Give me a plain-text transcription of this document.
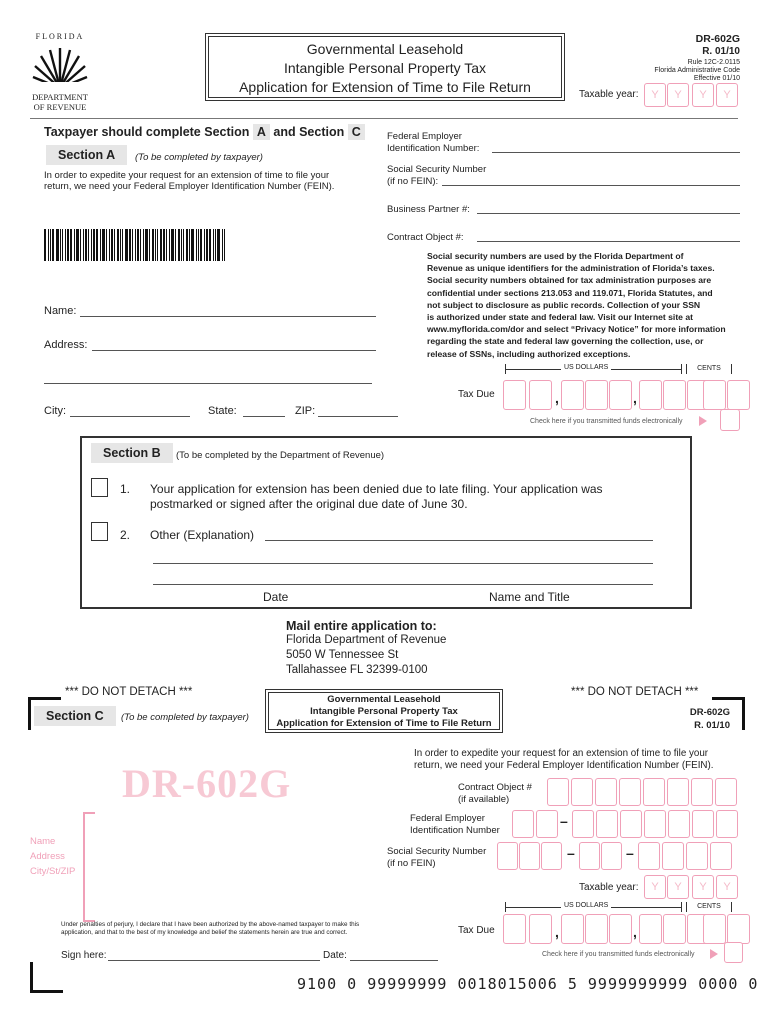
FLORIDA
DEPARTMENT
OF REVENUE
Governmental Leasehold
Intangible Personal Property Tax
Application for Extension of Time to File Return
DR-602G
R. 01/10
Rule 12C-2.0115
Florida Administrative Code
Effective 01/10
Taxable year:	Y	Y	Y	Y
Taxpayer should complete Section A and Section C
Section A	(To be completed by taxpayer)
In order to expedite your request for an extension of time to file your
return, we need your Federal Employer Identification Number (FEIN).
Name:
Address:
City:	State:	ZIP:
Federal Employer
Identification Number:
Social Security Number
(if no FEIN):
Business Partner #:
Contract Object #:
Social security numbers are used by the Florida Department of
Revenue as unique identifiers for the administration of Florida’s taxes.
Social security numbers obtained for tax administration purposes are
confidential under sections 213.053 and 119.071, Florida Statutes, and
not subject to disclosure as public records. Collection of your SSN
is authorized under state and federal law. Visit our Internet site at
www.myflorida.com/dor and select “Privacy Notice” for more information
regarding the state and federal law governing the collection, use, or
release of SSNs, including authorized exceptions.
US DOLLARS	CENTS
Tax Due	,	,
Check here if you transmitted funds electronically
Section B	(To be completed by the Department of Revenue)
1. Your application for extension has been denied due to late filing. Your application was
postmarked or signed after the original due date of June 30.
2. Other (Explanation)
Date	Name and Title
Mail entire application to:
Florida Department of Revenue
5050 W Tennessee St
Tallahassee FL 32399-0100
*** DO NOT DETACH ***	*** DO NOT DETACH ***
Section C	(To be completed by taxpayer)
Governmental Leasehold
Intangible Personal Property Tax
Application for Extension of Time to File Return
DR-602G
R. 01/10
In order to expedite your request for an extension of time to file your
return, we need your Federal Employer Identification Number (FEIN).
DR-602G
Name
Address
City/St/ZIP
Contract Object #
(if available)
Federal Employer
Identification Number
–
Social Security Number
(if no FEIN)
–	–
Taxable year:	Y	Y	Y	Y
US DOLLARS	CENTS
Tax Due	,	,
Under penalties of perjury, I declare that I have been authorized by the above-named taxpayer to make this
application, and that to the best of my knowledge and belief the statements herein are true and correct.
Sign here:	Date:	Check here if you transmitted funds electronically
9100 0 99999999 0018015006 5 9999999999 0000 0
